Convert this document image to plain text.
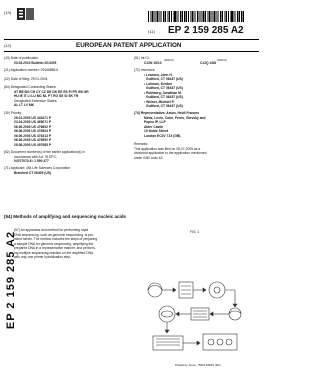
(19)
(11) EP 2 159 285 A2
(12)	EUROPEAN PATENT APPLICATION
(43) Date of publication:
03.03.2010 Bulletin 2010/09
(21) Application number: 09166858.6
(22) Date of filing: 29.01.2004
(84) Designated Contracting States:
AT BE BG CH CY CZ DE DK EE ES FI FR GB GR
HU IE IT LI LU MC NL PT RO SE SI SK TR
Designated Extension States:
AL LT LV MK
(30) Priority:
29.01.2003 US 443471 P
23.04.2003 US 465071 P
06.06.2003 US 476602 P
06.06.2003 US 476504 P
06.06.2003 US 476313 P
06.06.2003 US 476592 P
25.08.2003 US 497985 P
(62) Document number(s) of the earlier application(s) in
accordance with Art. 76 EPC:
04707070.8 / 1 590 477
(71) Applicant: 454 Life Sciences Corporation
Branford CT 06405 (US)
(51) Int Cl.:
C12N 15/10 (2006.01)	C12Q 1/68 (2006.01)
(72) Inventors:
• Leamon, John H.
Guilford, CT 06437 (US)
• Lohman, Kenton
Guilford, CT 06437 (US)
• Rothberg, Jonathan M.
Guilford, CT 06437 (US)
• Weiner, Michael P.
Guilford, CT 06437 (US)
(74) Representative: Aston, Heidi Frances
Mintz, Levin, Cohn, Ferris, Glovsky and
Popeo IP, LLP
Alder Castle
10 Noble Street
London EC2V 7JX (GB)
Remarks:
This application was filed on 28-07-2009 as a
divisional application to the application mentioned
under INID code 62.
(54) Methods of amplifying and sequencing nucleic acids
(57) An apparatus and method for performing rapid
DNA sequencing, such as genomic sequencing, is pro-
vided herein. The method includes the steps of preparing
a sample DNA for genomic sequencing, amplifying the
prepared DNA in a representative manner, and perform-
ing multiple sequencing reaction on the amplified DNA
with only one primer hybridization step.
FIG. 1
EP 2 159 285 A2
Printed by Jouve, 75001 PARIS (FR)
